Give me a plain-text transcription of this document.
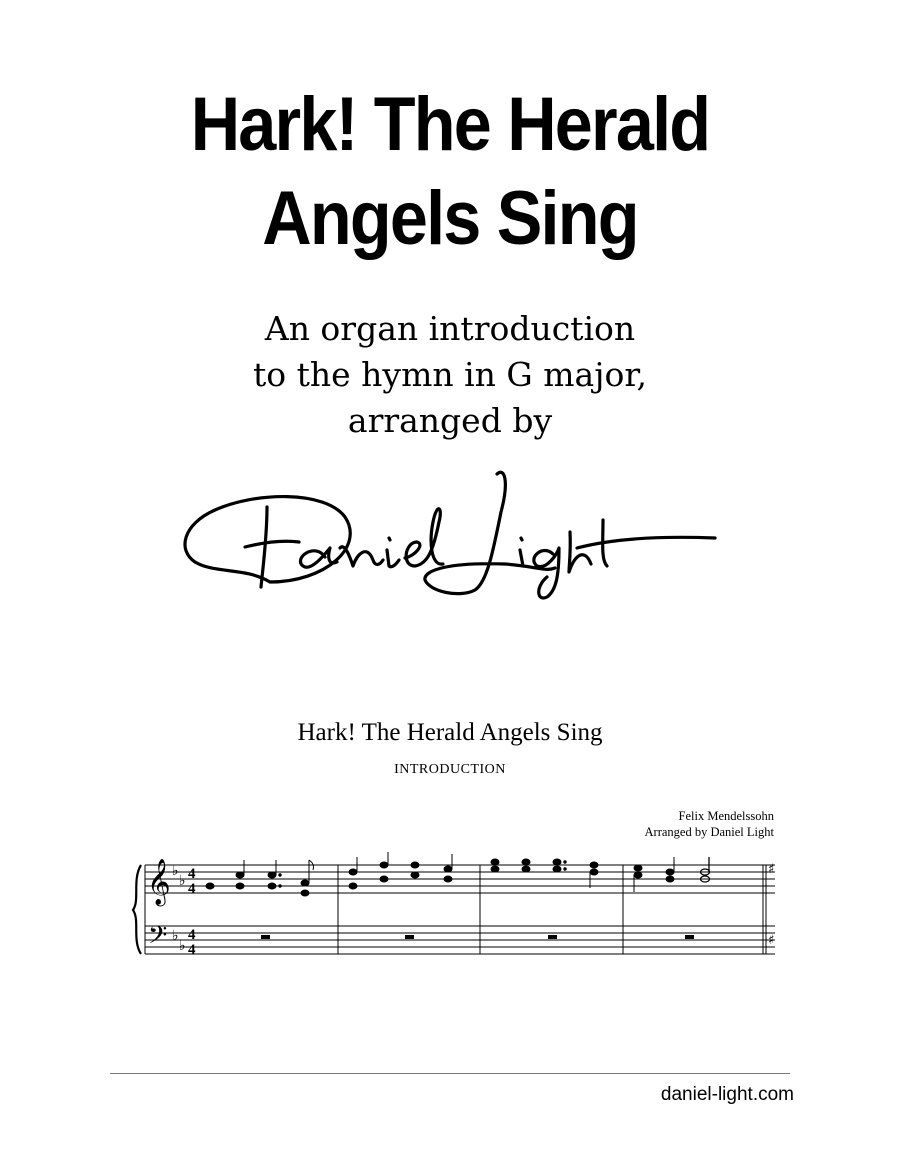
Hark! The Herald
Angels Sing
An organ introduction
to the hymn in G major,
arranged by
Hark! The Herald Angels Sing
INTRODUCTION
Felix Mendelssohn
Arranged by Daniel Light
𝄞
𝄢
♭
♭
♭
♭
4
4
4
4
♯
♯
daniel-light.com
